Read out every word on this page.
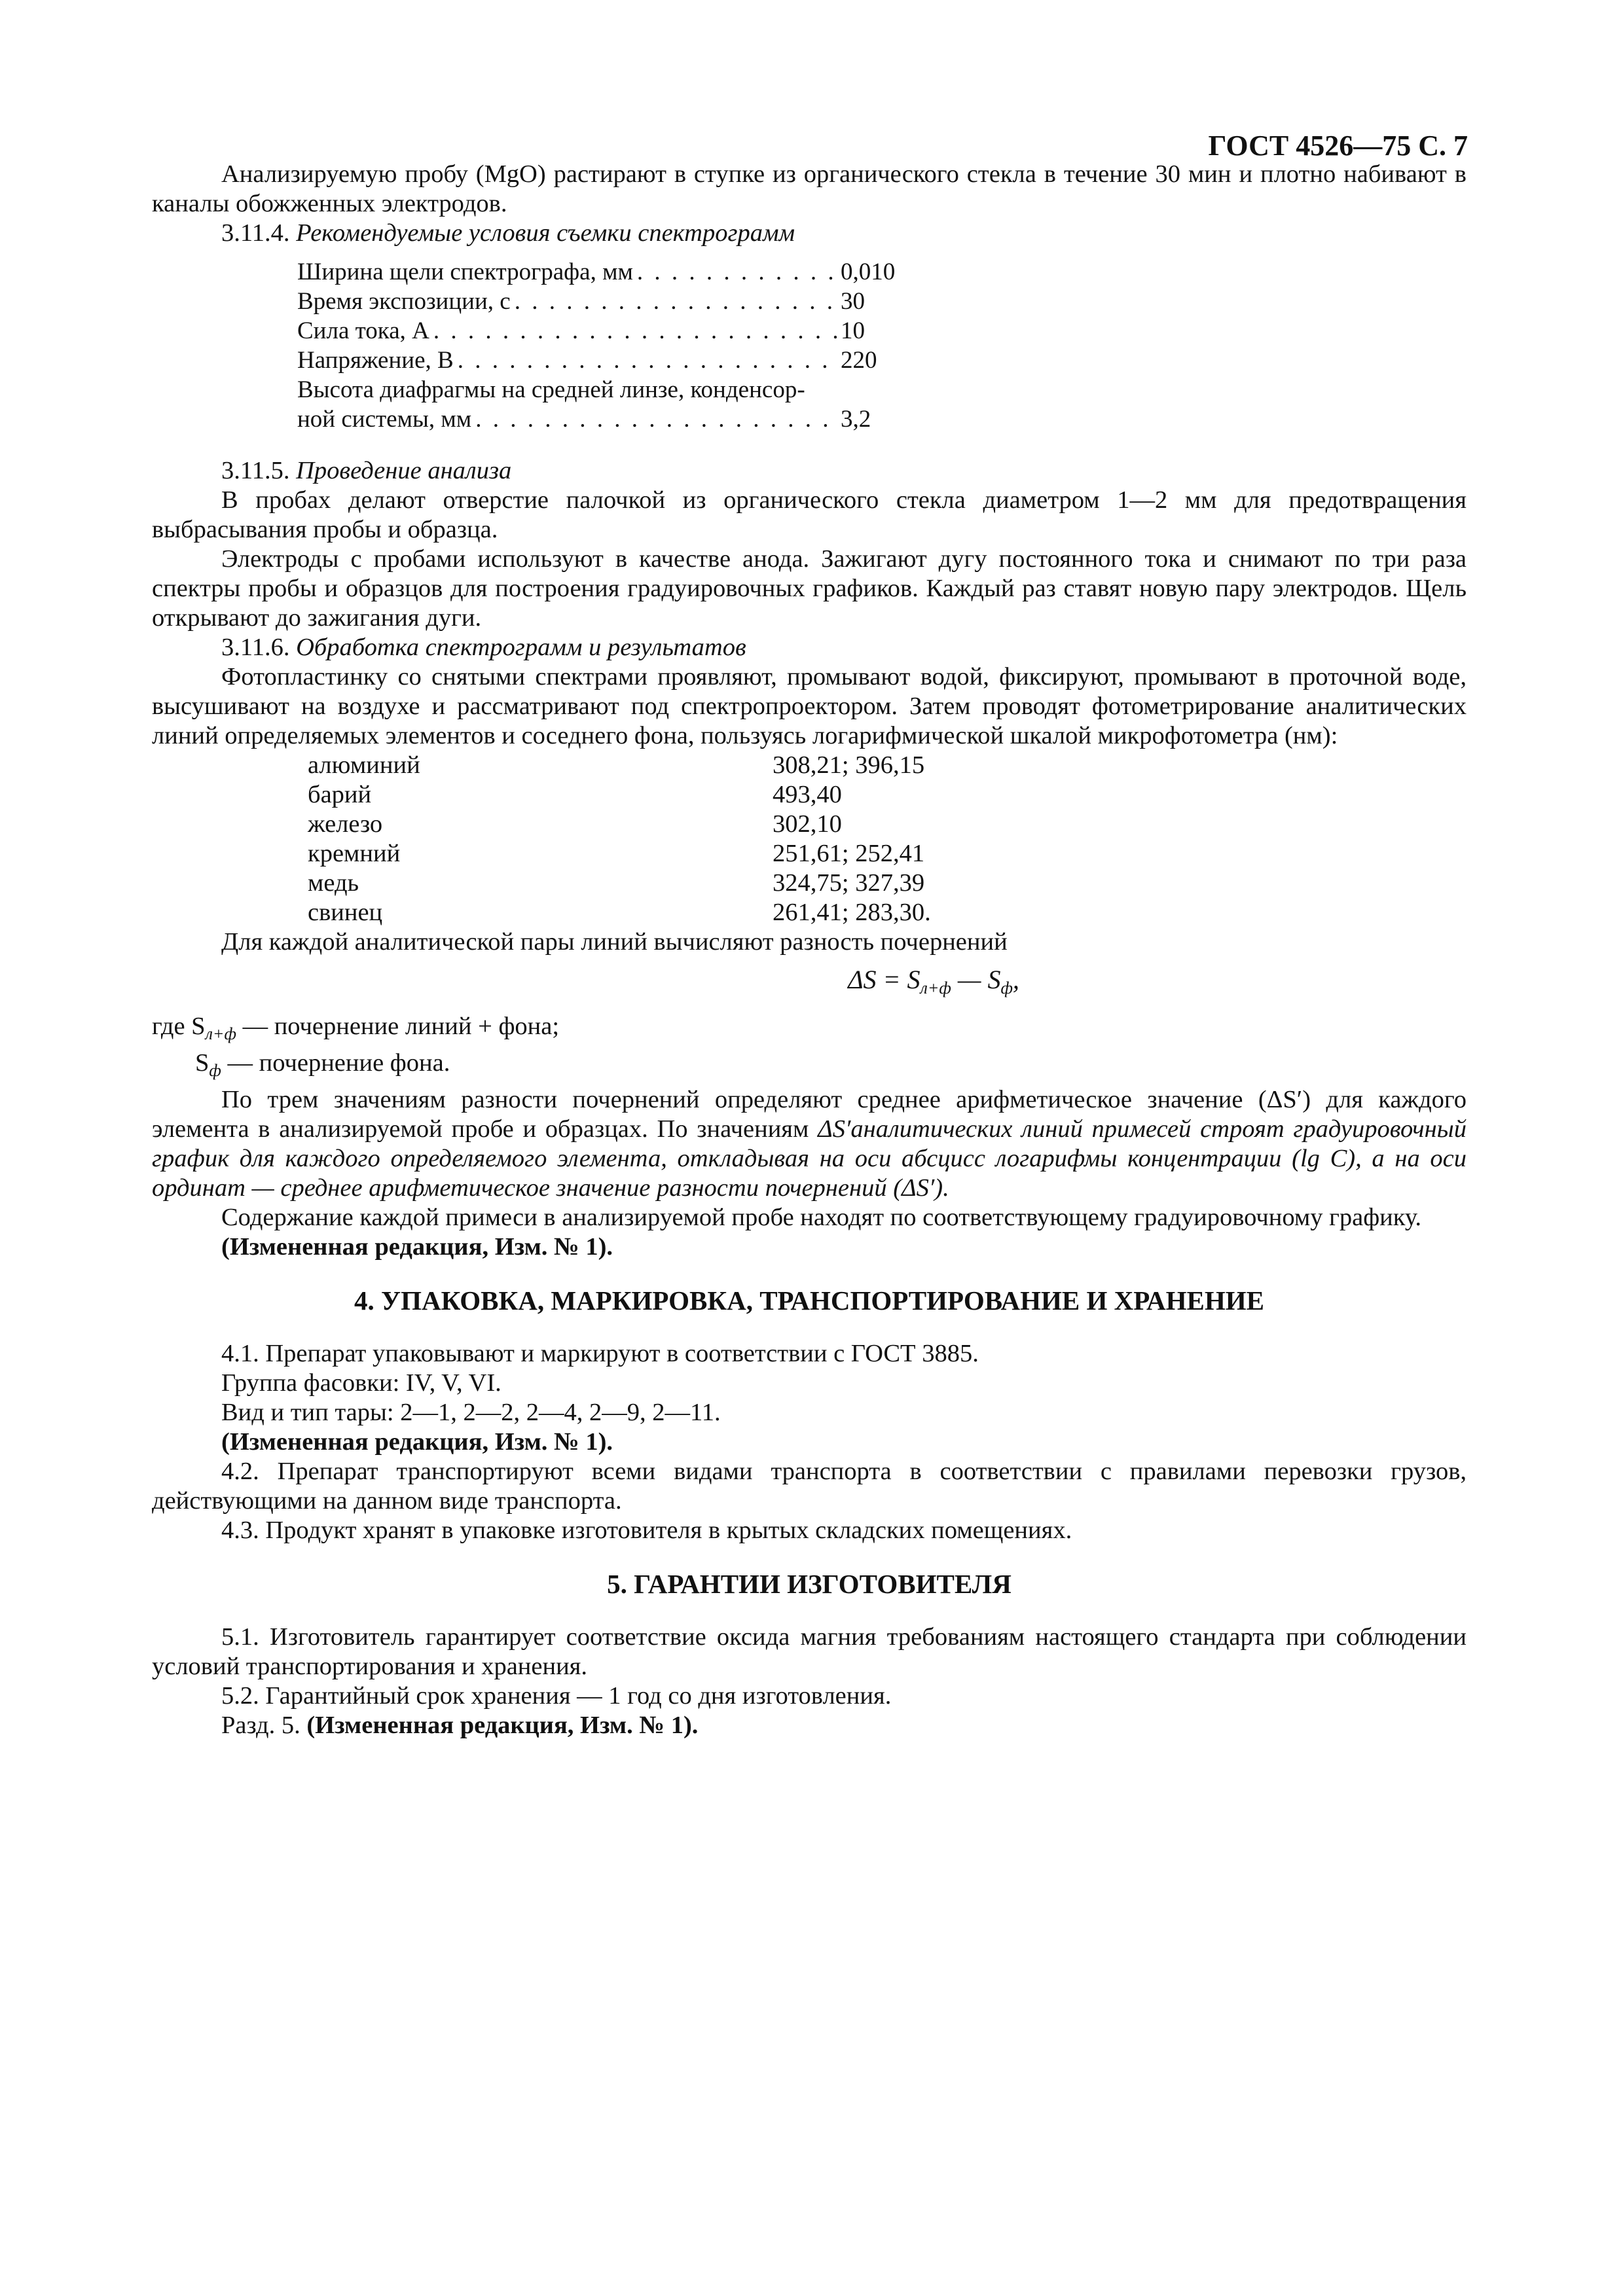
ГОСТ 4526—75 С. 7

Анализируемую пробу (MgO) растирают в ступке из органического стекла в течение 30 мин и плотно набивают в каналы обожженных электродов.

3.11.4. Рекомендуемые условия съемки спектрограмм

Ширина щели спектрографа, мм . . .	0,010
Время экспозиции, с . . .	30
Сила тока, А . . .	10
Напряжение, В . . .	220
Высота диафрагмы на средней линзе, конденсор-
ной системы, мм . . .	3,2

3.11.5. Проведение анализа

В пробах делают отверстие палочкой из органического стекла диаметром 1—2 мм для предотвращения выбрасывания пробы и образца.

Электроды с пробами используют в качестве анода. Зажигают дугу постоянного тока и снимают по три раза спектры пробы и образцов для построения градуировочных графиков. Каждый раз ставят новую пару электродов. Щель открывают до зажигания дуги.

3.11.6. Обработка спектрограмм и результатов

Фотопластинку со снятыми спектрами проявляют, промывают водой, фиксируют, промывают в проточной воде, высушивают на воздухе и рассматривают под спектропроектором. Затем проводят фотометрирование аналитических линий определяемых элементов и соседнего фона, пользуясь логарифмической шкалой микрофотометра (нм):

алюминий	308,21; 396,15
барий	493,40
железо	302,10
кремний	251,61; 252,41
медь	324,75; 327,39
свинец	261,41; 283,30.

Для каждой аналитической пары линий вычисляют разность почернений

$\Delta S = S_{л+ф}$ — $S_ф$,

где $S_{л+ф}$ — почернение линий + фона;

$S_ф$ — почернение фона.

По трем значениям разности почернений определяют среднее арифметическое значение (ΔS′) для каждого элемента в анализируемой пробе и образцах. По значениям ΔS′аналитических линий примесей строят градуировочный график для каждого определяемого элемента, откладывая на оси абсцисс логарифмы концентрации (lg C), а на оси ординат — среднее арифметическое значение разности почернений (ΔS′).

Содержание каждой примеси в анализируемой пробе находят по соответствующему градуировочному графику.

(Измененная редакция, Изм. № 1).

4. УПАКОВКА, МАРКИРОВКА, ТРАНСПОРТИРОВАНИЕ И ХРАНЕНИЕ

4.1. Препарат упаковывают и маркируют в соответствии с ГОСТ 3885.

Группа фасовки: IV, V, VI.

Вид и тип тары: 2—1, 2—2, 2—4, 2—9, 2—11.

(Измененная редакция, Изм. № 1).

4.2. Препарат транспортируют всеми видами транспорта в соответствии с правилами перевозки грузов, действующими на данном виде транспорта.

4.3. Продукт хранят в упаковке изготовителя в крытых складских помещениях.

5. ГАРАНТИИ ИЗГОТОВИТЕЛЯ

5.1. Изготовитель гарантирует соответствие оксида магния требованиям настоящего стандарта при соблюдении условий транспортирования и хранения.

5.2. Гарантийный срок хранения — 1 год со дня изготовления.

Разд. 5. (Измененная редакция, Изм. № 1).
